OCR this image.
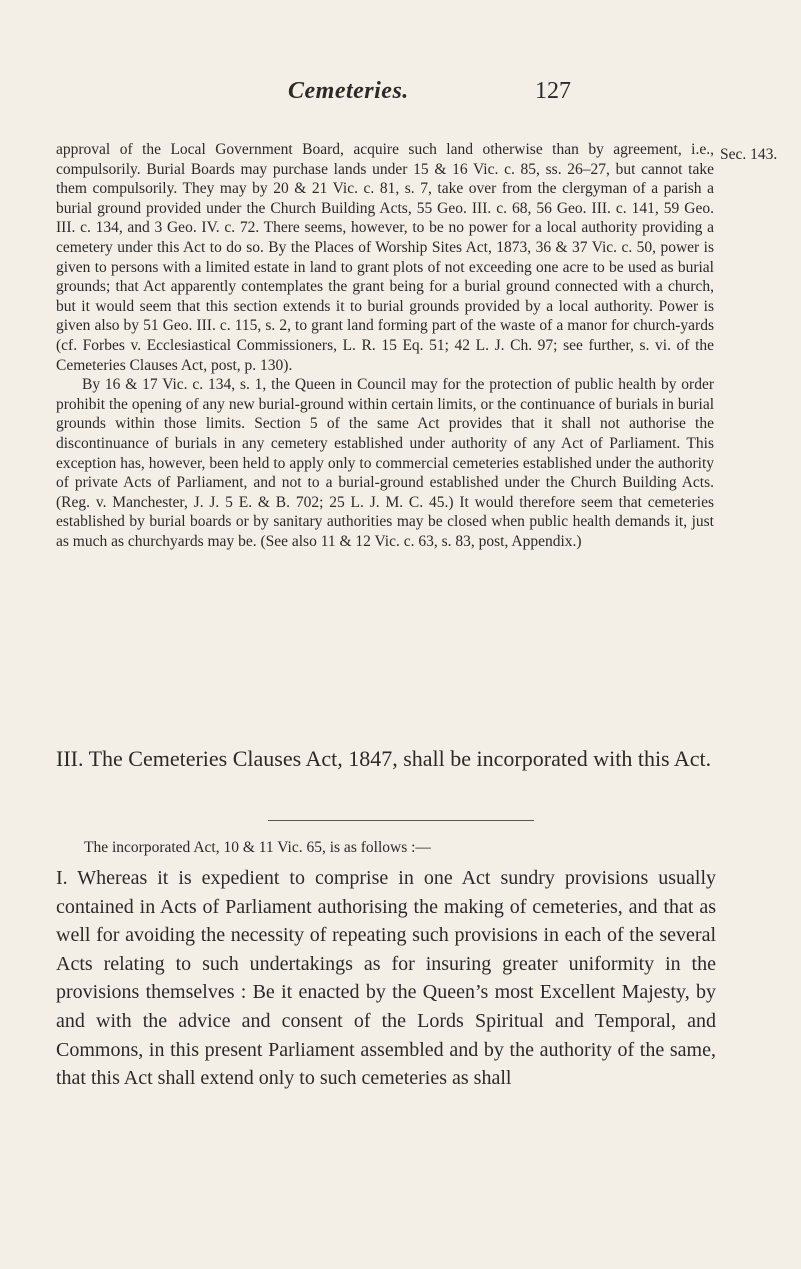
Cemeteries.	127
Sec. 143.

approval of the Local Government Board, acquire such land otherwise than by agreement, i.e., compulsorily. Burial Boards may purchase lands under 15 & 16 Vic. c. 85, ss. 26–27, but cannot take them compulsorily. They may by 20 & 21 Vic. c. 81, s. 7, take over from the clergyman of a parish a burial ground provided under the Church Building Acts, 55 Geo. III. c. 68, 56 Geo. III. c. 141, 59 Geo. III. c. 134, and 3 Geo. IV. c. 72. There seems, however, to be no power for a local authority providing a cemetery under this Act to do so. By the Places of Worship Sites Act, 1873, 36 & 37 Vic. c. 50, power is given to persons with a limited estate in land to grant plots of not exceeding one acre to be used as burial grounds; that Act apparently contemplates the grant being for a burial ground connected with a church, but it would seem that this section extends it to burial grounds provided by a local authority. Power is given also by 51 Geo. III. c. 115, s. 2, to grant land forming part of the waste of a manor for church-yards (cf. Forbes v. Ecclesiastical Commissioners, L. R. 15 Eq. 51; 42 L. J. Ch. 97; see further, s. vi. of the Cemeteries Clauses Act, post, p. 130).

By 16 & 17 Vic. c. 134, s. 1, the Queen in Council may for the protection of public health by order prohibit the opening of any new burial-ground within certain limits, or the continuance of burials in burial grounds within those limits. Section 5 of the same Act provides that it shall not authorise the discontinuance of burials in any cemetery established under authority of any Act of Parliament. This exception has, however, been held to apply only to commercial cemeteries established under the authority of private Acts of Parliament, and not to a burial-ground established under the Church Building Acts. (Reg. v. Manchester, J. J. 5 E. & B. 702; 25 L. J. M. C. 45.) It would therefore seem that cemeteries established by burial boards or by sanitary authorities may be closed when public health demands it, just as much as churchyards may be. (See also 11 & 12 Vic. c. 63, s. 83, post, Appendix.)

III. The Cemeteries Clauses Act, 1847, shall be incorporated with this Act.
The incorporated Act, 10 & 11 Vic. 65, is as follows :—

I. Whereas it is expedient to comprise in one Act sundry provisions usually contained in Acts of Parliament authorising the making of cemeteries, and that as well for avoiding the necessity of repeating such provisions in each of the several Acts relating to such undertakings as for insuring greater uniformity in the provisions themselves : Be it enacted by the Queen’s most Excellent Majesty, by and with the advice and consent of the Lords Spiritual and Temporal, and Commons, in this present Parliament assembled and by the authority of the same, that this Act shall extend only to such cemeteries as shall
